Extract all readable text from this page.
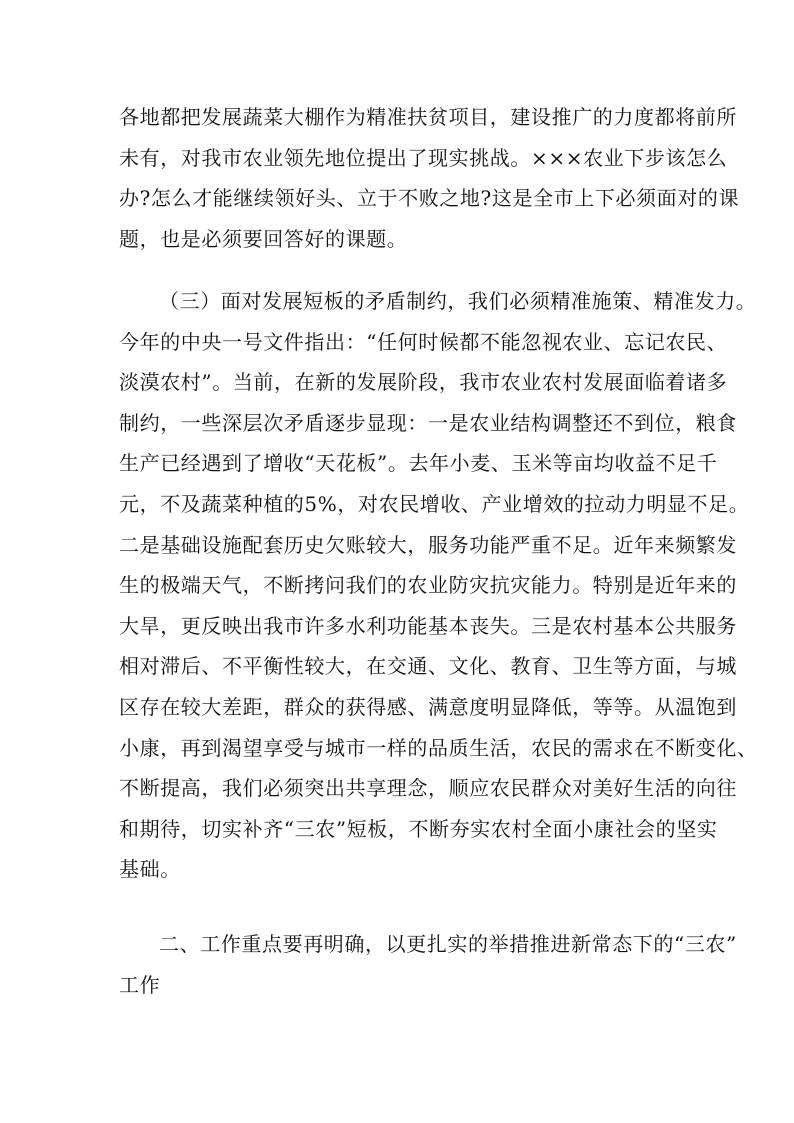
各地都把发展蔬菜大棚作为精准扶贫项目，建设推广的力度都将前所
未有，对我市农业领先地位提出了现实挑战。×××农业下步该怎么
办?怎么才能继续领好头、立于不败之地?这是全市上下必须面对的课
题，也是必须要回答好的课题。
（三）面对发展短板的矛盾制约，我们必须精准施策、精准发力。
今年的中央一号文件指出：“任何时候都不能忽视农业、忘记农民、
淡漠农村”。当前，在新的发展阶段，我市农业农村发展面临着诸多
制约，一些深层次矛盾逐步显现：一是农业结构调整还不到位，粮食
生产已经遇到了增收“天花板”。去年小麦、玉米等亩均收益不足千
元，不及蔬菜种植的5%，对农民增收、产业增效的拉动力明显不足。
二是基础设施配套历史欠账较大，服务功能严重不足。近年来频繁发
生的极端天气，不断拷问我们的农业防灾抗灾能力。特别是近年来的
大旱，更反映出我市许多水利功能基本丧失。三是农村基本公共服务
相对滞后、不平衡性较大，在交通、文化、教育、卫生等方面，与城
区存在较大差距，群众的获得感、满意度明显降低，等等。从温饱到
小康，再到渴望享受与城市一样的品质生活，农民的需求在不断变化、
不断提高，我们必须突出共享理念，顺应农民群众对美好生活的向往
和期待，切实补齐“三农”短板，不断夯实农村全面小康社会的坚实
基础。
二、工作重点要再明确，以更扎实的举措推进新常态下的“三农”
工作
